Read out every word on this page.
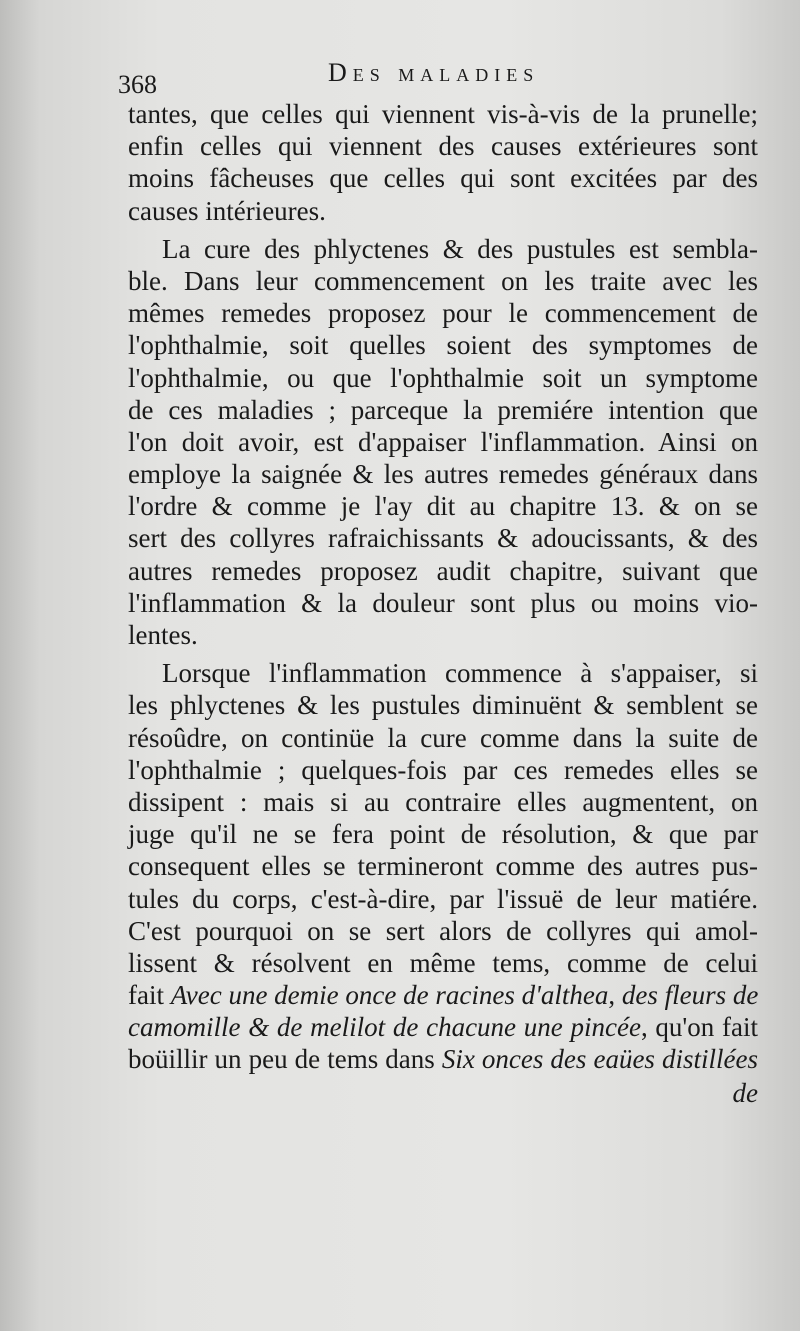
368	Des maladies
tantes, que celles qui viennent vis-à-vis de la prunelle;
enfin celles qui viennent des causes extérieures sont
moins fâcheuses que celles qui sont excitées par des
causes intérieures.
La cure des phlyctenes & des pustules est sembla-
ble. Dans leur commencement on les traite avec les
mêmes remedes proposez pour le commencement de
l'ophthalmie, soit quelles soient des symptomes de
l'ophthalmie, ou que l'ophthalmie soit un symptome
de ces maladies ; parceque la premiére intention que
l'on doit avoir, est d'appaiser l'inflammation. Ainsi on
employe la saignée & les autres remedes généraux dans
l'ordre & comme je l'ay dit au chapitre 13. & on se
sert des collyres rafraichissants & adoucissants, & des
autres remedes proposez audit chapitre, suivant que
l'inflammation & la douleur sont plus ou moins vio-
lentes.
Lorsque l'inflammation commence à s'appaiser, si
les phlyctenes & les pustules diminuënt & semblent se
résoûdre, on continüe la cure comme dans la suite de
l'ophthalmie ; quelques-fois par ces remedes elles se
dissipent : mais si au contraire elles augmentent, on
juge qu'il ne se fera point de résolution, & que par
consequent elles se termineront comme des autres pus-
tules du corps, c'est-à-dire, par l'issuë de leur matiére.
C'est pourquoi on se sert alors de collyres qui amol-
lissent & résolvent en même tems, comme de celui
fait Avec une demie once de racines d'althea, des fleurs de
camomille & de melilot de chacune une pincée, qu'on fait
boüillir un peu de tems dans Six onces des eaües distillées
de
